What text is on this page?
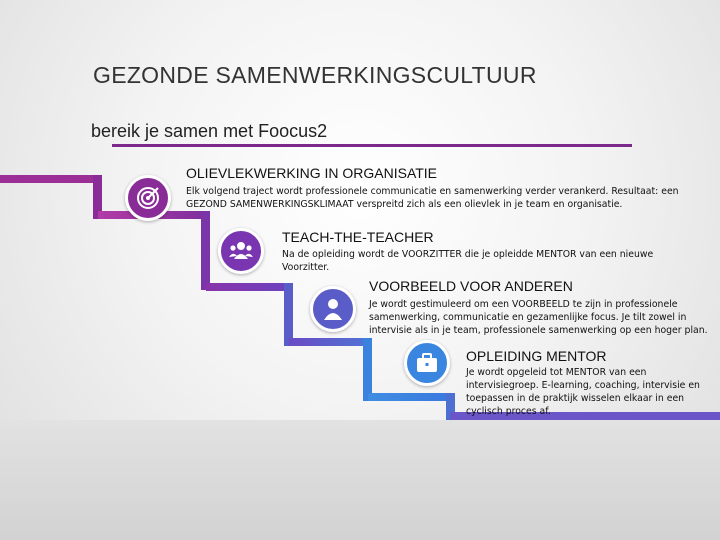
GEZONDE SAMENWERKINGSCULTUUR
bereik je samen met Foocus2
OLIEVLEKWERKING IN ORGANISATIE
Elk volgend traject wordt professionele communicatie en samenwerking verder verankerd. Resultaat: een GEZOND SAMENWERKINGSKLIMAAT verspreitd zich als een olievlek in je team en organisatie.
TEACH-THE-TEACHER
Na de opleiding wordt de VOORZITTER die je opleidde MENTOR van een nieuwe Voorzitter.
VOORBEELD VOOR ANDEREN
Je wordt gestimuleerd om een VOORBEELD te zijn in professionele samenwerking, communicatie en gezamenlijke focus. Je tilt zowel in intervisie als in je team, professionele samenwerking op een hoger plan.
OPLEIDING MENTOR
Je wordt opgeleid tot MENTOR van een intervisiegroep. E-learning, coaching, intervisie en toepassen in de praktijk wisselen elkaar in een cyclisch proces af.
